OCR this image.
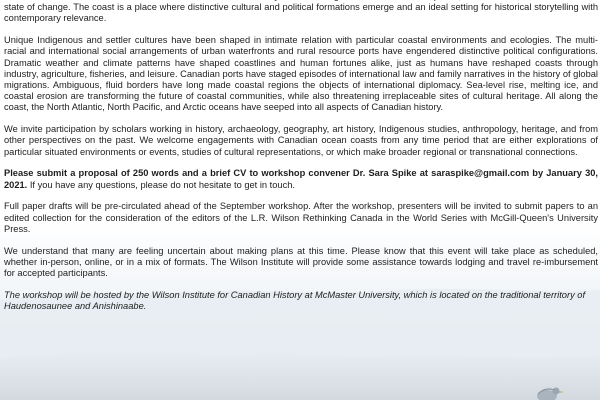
state of change. The coast is a place where distinctive cultural and political formations emerge and an ideal setting for historical storytelling with contemporary relevance.

Unique Indigenous and settler cultures have been shaped in intimate relation with particular coastal environments and ecologies. The multi-racial and international social arrangements of urban waterfronts and rural resource ports have engendered distinctive political configurations. Dramatic weather and climate patterns have shaped coastlines and human fortunes alike, just as humans have reshaped coasts through industry, agriculture, fisheries, and leisure. Canadian ports have staged episodes of international law and family narratives in the history of global migrations. Ambiguous, fluid borders have long made coastal regions the objects of international diplomacy. Sea-level rise, melting ice, and coastal erosion are transforming the future of coastal communities, while also threatening irreplaceable sites of cultural heritage. All along the coast, the North Atlantic, North Pacific, and Arctic oceans have seeped into all aspects of Canadian history.

We invite participation by scholars working in history, archaeology, geography, art history, Indigenous studies, anthropology, heritage, and from other perspectives on the past. We welcome engagements with Canadian ocean coasts from any time period that are either explorations of particular situated environments or events, studies of cultural representations, or which make broader regional or transnational connections.

Please submit a proposal of 250 words and a brief CV to workshop convener Dr. Sara Spike at saraspike@gmail.com by January 30, 2021. If you have any questions, please do not hesitate to get in touch.

Full paper drafts will be pre-circulated ahead of the September workshop. After the workshop, presenters will be invited to submit papers to an edited collection for the consideration of the editors of the L.R. Wilson Rethinking Canada in the World Series with McGill-Queen's University Press.

We understand that many are feeling uncertain about making plans at this time. Please know that this event will take place as scheduled, whether in-person, online, or in a mix of formats. The Wilson Institute will provide some assistance towards lodging and travel re-imbursement for accepted participants.

The workshop will be hosted by the Wilson Institute for Canadian History at McMaster University, which is located on the traditional territory of Haudenosaunee and Anishinaabe.
